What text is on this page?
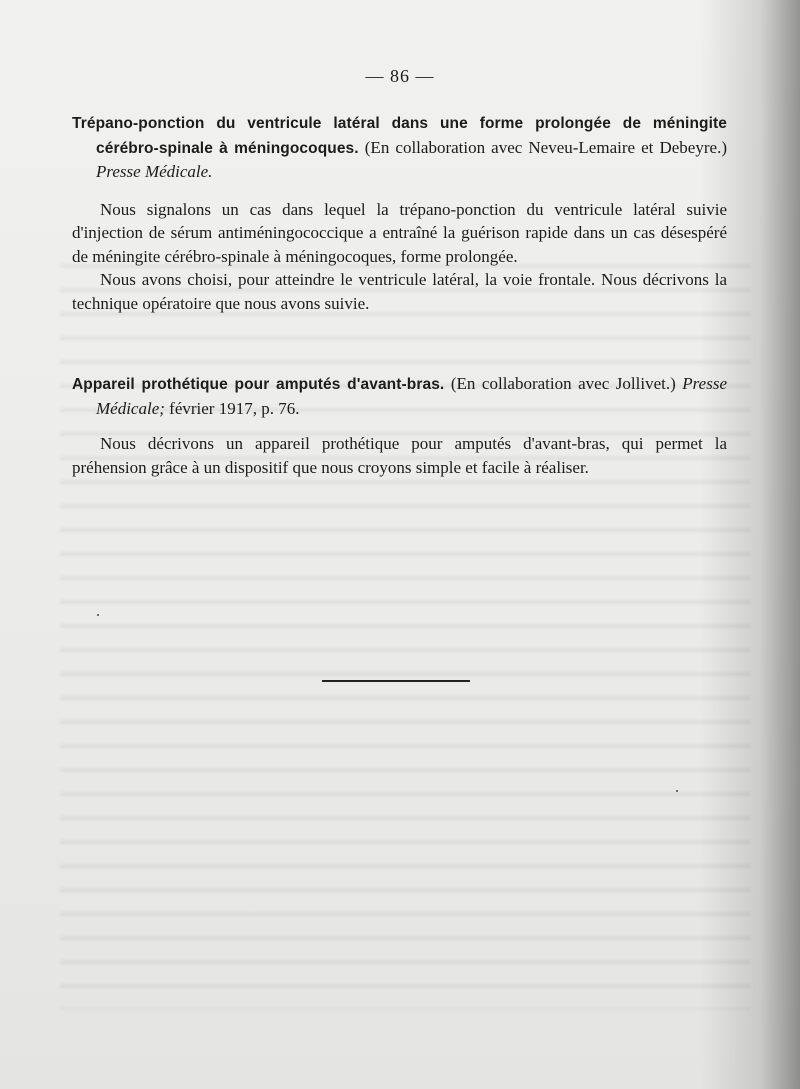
— 86 —

Trépano-ponction du ventricule latéral dans une forme prolongée de méningite cérébro-spinale à méningocoques. (En collaboration avec Neveu-Lemaire et Debeyre.) Presse Médicale.

Nous signalons un cas dans lequel la trépano-ponction du ventricule latéral suivie d'injection de sérum antiméningococcique a entraîné la guérison rapide dans un cas désespéré de méningite cérébro-spinale à méningocoques, forme prolongée.

Nous avons choisi, pour atteindre le ventricule latéral, la voie frontale. Nous décrivons la technique opératoire que nous avons suivie.

Appareil prothétique pour amputés d'avant-bras. (En collaboration avec Jollivet.) Presse Médicale; février 1917, p. 76.

Nous décrivons un appareil prothétique pour amputés d'avant-bras, qui permet la préhension grâce à un dispositif que nous croyons simple et facile à réaliser.
